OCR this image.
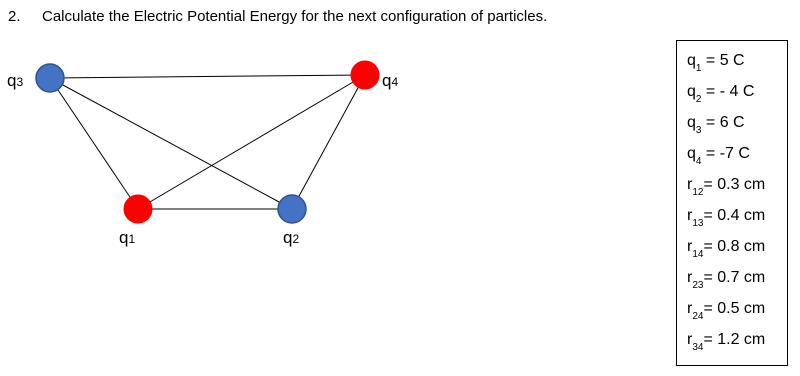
2. Calculate the Electric Potential Energy for the next configuration of particles.
q1	q2
q3	q4
$q_1 = 5$ C
$q_2$ = - 4 C
$q_3 = 6$ C
$q_4 = -7$ C
$r_{12}= 0.3$ cm
$r_{13}= 0.4$ cm
$r_{14}= 0.8$ cm
$r_{23}= 0.7$ cm
$r_{24}= 0.5$ cm
$r_{34}= 1.2$ cm
